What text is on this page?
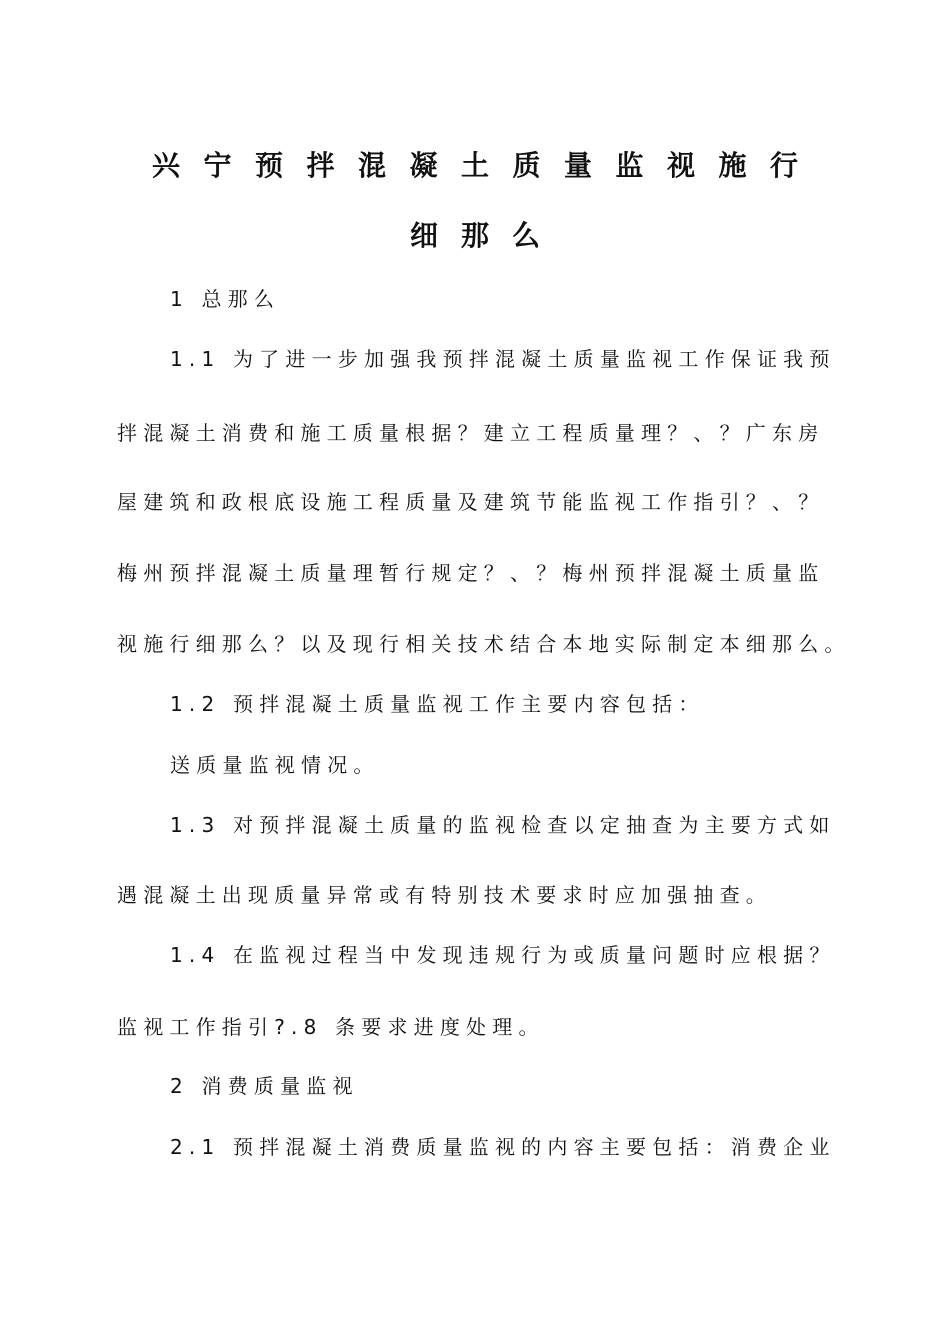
兴宁预拌混凝土质量监视施行
细那么
1 总那么
1.1 为了进一步加强我预拌混凝土质量监视工作保证我预
拌混凝土消费和施工质量根据？建立工程质量理？、？广东房
屋建筑和政根底设施工程质量及建筑节能监视工作指引？、？
梅州预拌混凝土质量理暂行规定？、？梅州预拌混凝土质量监
视施行细那么？以及现行相关技术结合本地实际制定本细那么。
1.2 预拌混凝土质量监视工作主要内容包括：
送质量监视情况。
1.3 对预拌混凝土质量的监视检查以定抽查为主要方式如
遇混凝土出现质量异常或有特别技术要求时应加强抽查。
1.4 在监视过程当中发现违规行为或质量问题时应根据？
监视工作指引?.8 条要求进度处理。
2 消费质量监视
2.1 预拌混凝土消费质量监视的内容主要包括：消费企业
